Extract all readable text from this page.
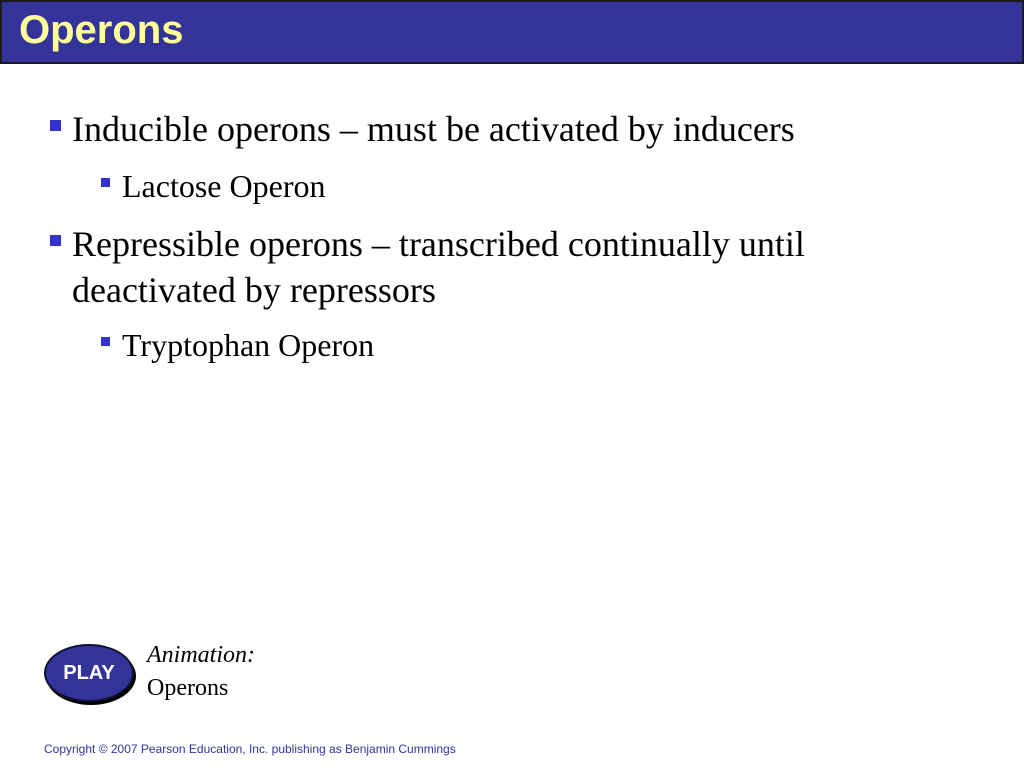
Operons
Inducible operons – must be activated by inducers
Lactose Operon
Repressible operons – transcribed continually until deactivated by repressors
Tryptophan Operon
PLAY
Animation:
Operons
Copyright © 2007 Pearson Education, Inc. publishing as Benjamin Cummings
